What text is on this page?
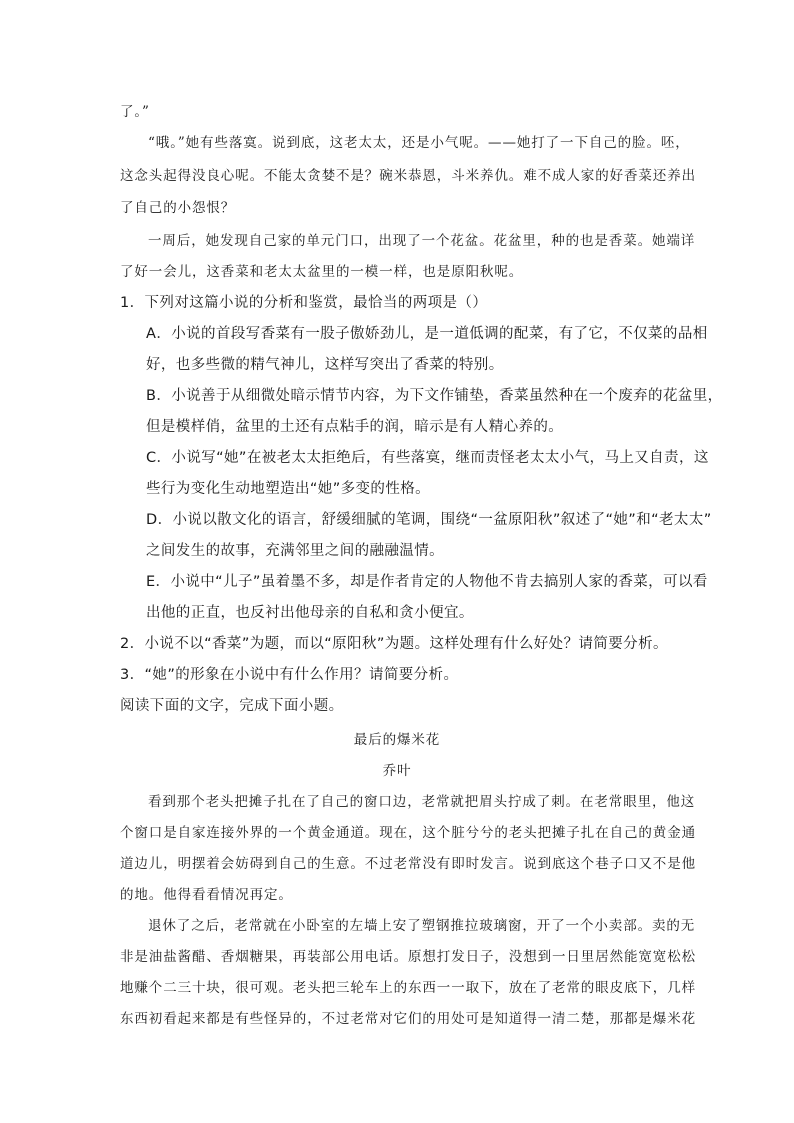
了。”
“哦。”她有些落寞。说到底，这老太太，还是小气呢。——她打了一下自己的脸。呸，
这念头起得没良心呢。不能太贪婪不是？碗米恭恩，斗米养仇。难不成人家的好香菜还养出
了自己的小怨恨？
一周后，她发现自己家的单元门口，出现了一个花盆。花盆里，种的也是香菜。她端详
了好一会儿，这香菜和老太太盆里的一模一样，也是原阳秋呢。
1．下列对这篇小说的分析和鉴赏，最恰当的两项是（）
A．小说的首段写香菜有一股子傲娇劲儿，是一道低调的配菜，有了它，不仅菜的品相
好，也多些微的精气神儿，这样写突出了香菜的特别。
B．小说善于从细微处暗示情节内容，为下文作铺垫，香菜虽然种在一个废弃的花盆里，
但是模样俏，盆里的土还有点粘手的润，暗示是有人精心养的。
C．小说写“她”在被老太太拒绝后，有些落寞，继而责怪老太太小气，马上又自责，这
些行为变化生动地塑造出“她”多变的性格。
D．小说以散文化的语言，舒缓细腻的笔调，围绕“一盆原阳秋”叙述了“她”和“老太太”
之间发生的故事，充满邻里之间的融融温情。
E．小说中“儿子”虽着墨不多，却是作者肯定的人物他不肯去搞别人家的香菜，可以看
出他的正直，也反衬出他母亲的自私和贪小便宜。
2．小说不以“香菜”为题，而以“原阳秋”为题。这样处理有什么好处？请简要分析。
3．“她”的形象在小说中有什么作用？请简要分析。
阅读下面的文字，完成下面小题。
最后的爆米花
乔叶
看到那个老头把摊子扎在了自己的窗口边，老常就把眉头拧成了刺。在老常眼里，他这
个窗口是自家连接外界的一个黄金通道。现在，这个脏兮兮的老头把摊子扎在自己的黄金通
道边儿，明摆着会妨碍到自己的生意。不过老常没有即时发言。说到底这个巷子口又不是他
的地。他得看看情况再定。
退休了之后，老常就在小卧室的左墙上安了塑钢推拉玻璃窗，开了一个小卖部。卖的无
非是油盐酱醋、香烟糖果，再装部公用电话。原想打发日子，没想到一日里居然能宽宽松松
地赚个二三十块，很可观。老头把三轮车上的东西一一取下，放在了老常的眼皮底下，几样
东西初看起来都是有些怪异的，不过老常对它们的用处可是知道得一清二楚，那都是爆米花
